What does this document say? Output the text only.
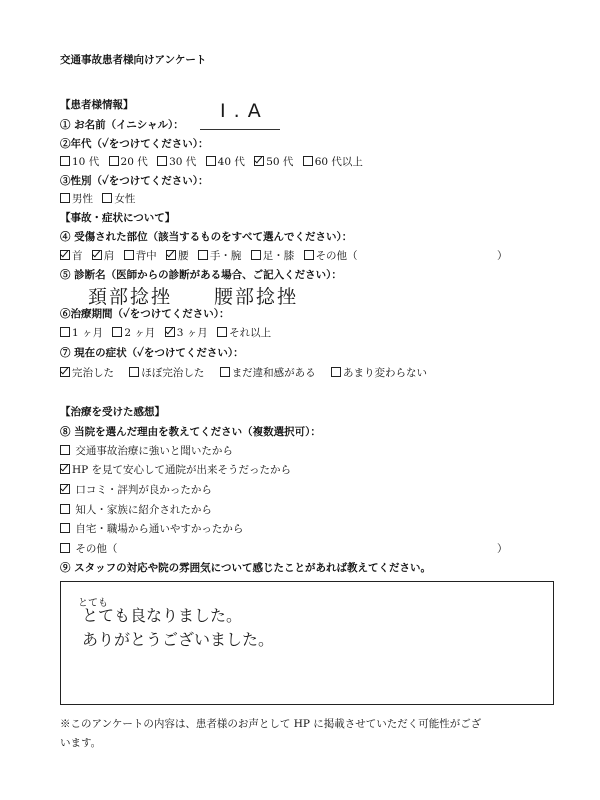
交通事故患者様向けアンケート
【患者様情報】
① お名前（イニシャル）：
I . A
②年代（✓をつけてください）：
10 代 20 代 30 代 40 代 50 代 60 代以上
③性別（✓をつけてください）：
男性 女性
【事故・症状について】
④ 受傷された部位（該当するものをすべて選んでください）：
首 肩 背中 腰 手・腕 足・膝 その他（	）
⑤ 診断名（医師からの診断がある場合、ご記入ください）：
頚部捻挫　　腰部捻挫
⑥治療期間（✓をつけてください）：
1 ヶ月 2 ヶ月 3 ヶ月 それ以上
⑦ 現在の症状（✓をつけてください）：
完治した	ほぼ完治した	まだ違和感がある	あまり変わらない
【治療を受けた感想】
⑧ 当院を選んだ理由を教えてください（複数選択可）：
交通事故治療に強いと聞いたから
HP を見て安心して通院が出来そうだったから
口コミ・評判が良かったから
知人・家族に紹介されたから
自宅・職場から通いやすかったから
その他（	）
⑨ スタッフの対応や院の雰囲気について感じたことがあれば教えてください。
とても
とても良なりました。
ありがとうございました。
※このアンケートの内容は、患者様のお声として HP に掲載させていただく可能性がござ
います。
